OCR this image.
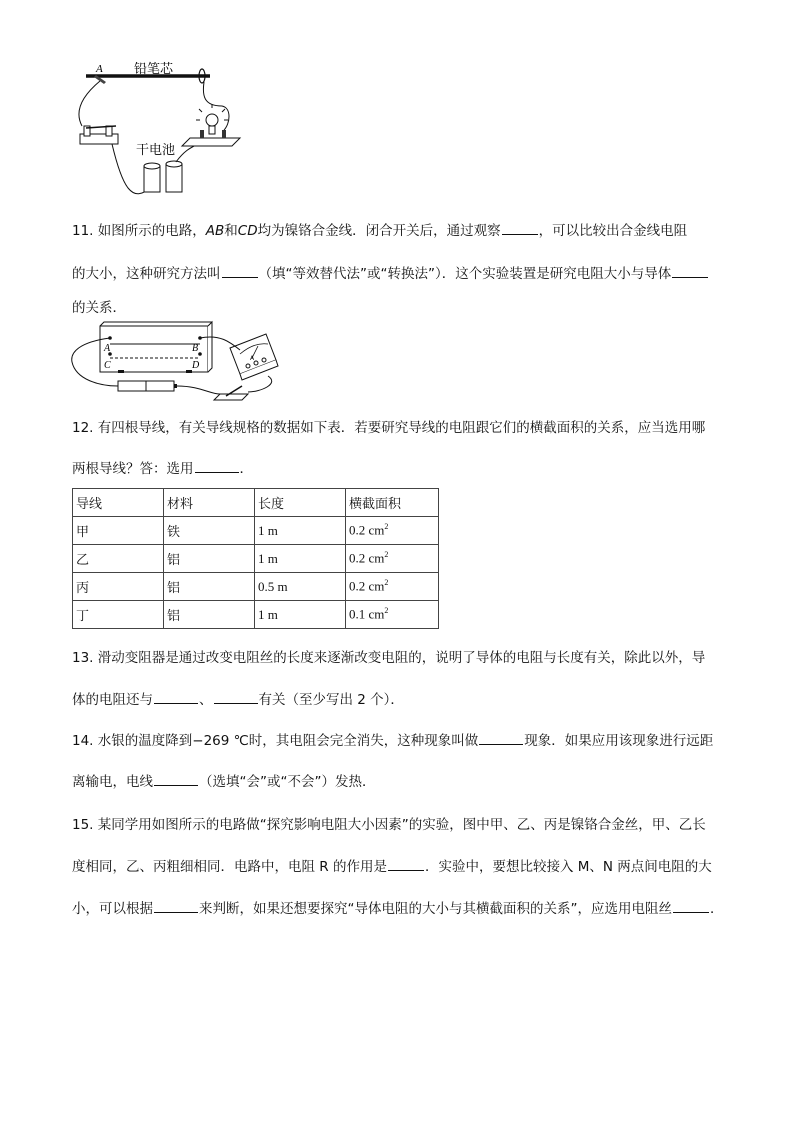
A 铅笔芯
干电池
11. 如图所示的电路，AB和CD均为镍铬合金线．闭合开关后，通过观察	，可以比较出合金线电阻
的大小，这种研究方法叫	（填“等效替代法”或“转换法”）．这个实验装置是研究电阻大小与导体
的关系．
A	B
C	D
A
12. 有四根导线，有关导线规格的数据如下表．若要研究导线的电阻跟它们的横截面积的关系，应当选用哪
两根导线？答：选用	．
导线	材料	长度	横截面积
甲	铁	1 m	0.2 $cm^2$
乙	铝	1 m	0.2 $cm^2$
丙	铝	0.5 m	0.2 $cm^2$
丁	铝	1 m	0.1 $cm^2$
13. 滑动变阻器是通过改变电阻丝的长度来逐渐改变电阻的，说明了导体的电阻与长度有关，除此以外，导
体的电阻还与	、	有关（至少写出 2 个）．
14. 水银的温度降到−269 ℃时，其电阻会完全消失，这种现象叫做	现象．如果应用该现象进行远距
离输电，电线	（选填“会”或“不会”）发热．
15. 某同学用如图所示的电路做“探究影响电阻大小因素”的实验，图中甲、乙、丙是镍铬合金丝，甲、乙长
度相同，乙、丙粗细相同．电路中，电阻 R 的作用是	．实验中，要想比较接入 M、N 两点间电阻的大
小，可以根据	来判断，如果还想要探究“导体电阻的大小与其横截面积的关系”，应选用电阻丝	．
